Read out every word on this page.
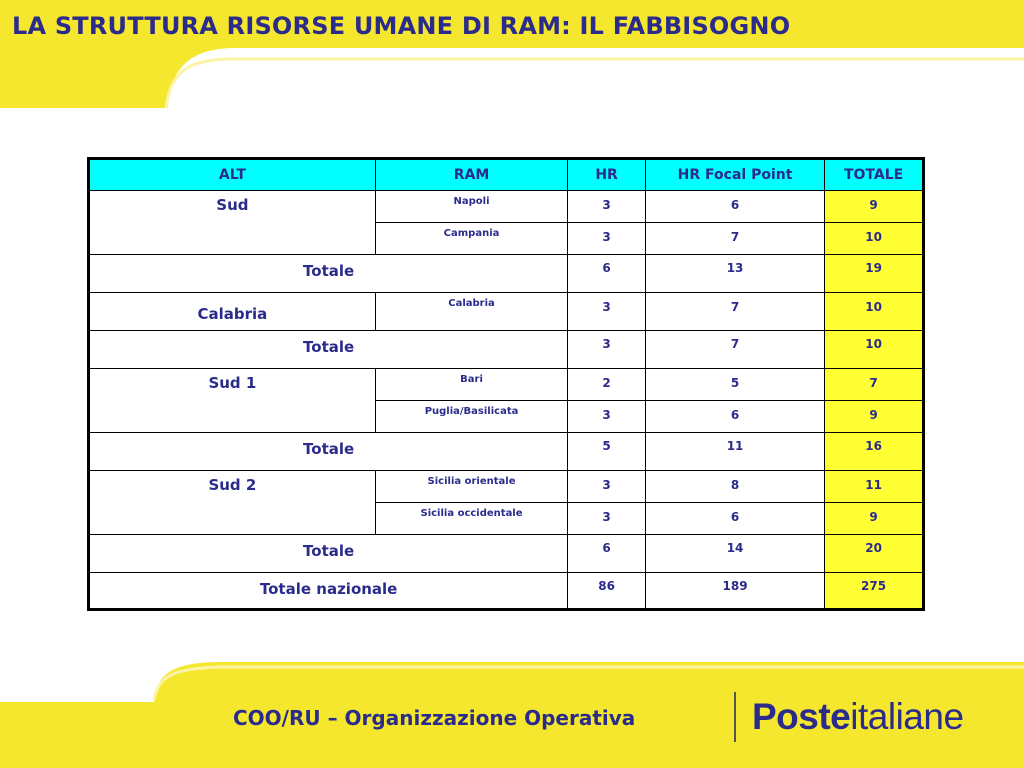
LA STRUTTURA RISORSE UMANE DI RAM: IL FABBISOGNO
ALT	RAM	HR	HR Focal Point	TOTALE
Sud	Napoli	3	6	9
	Campania	3	7	10
Totale		6	13	19
Calabria	Calabria	3	7	10
Totale		3	7	10
Sud 1	Bari	2	5	7
	Puglia/Basilicata	3	6	9
Totale		5	11	16
Sud 2	Sicilia orientale	3	8	11
	Sicilia occidentale	3	6	9
Totale		6	14	20
Totale nazionale		86	189	275
COO/RU – Organizzazione Operativa	Posteitaliane
